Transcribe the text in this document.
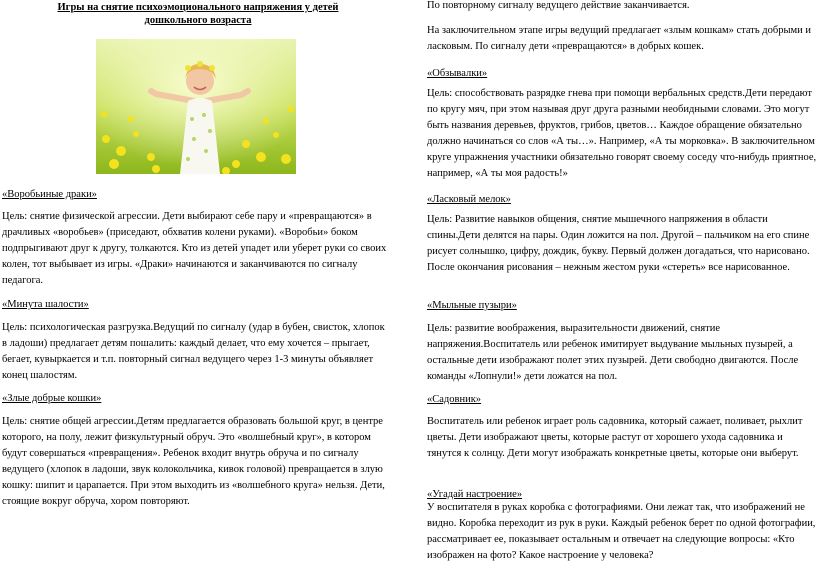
Игры на снятие психоэмоционального напряжения у детей дошкольного возраста
«Воробьиные драки»
Цель: снятие физической агрессии. Дети выбирают себе пару и «превращаются» в драчливых «воробьев» (приседают, обхватив колени руками). «Воробьи» боком подпрыгивают друг к другу, толкаются. Кто из детей упадет или уберет руки со своих колен, тот выбывает из игры. «Драки» начинаются и заканчиваются по сигналу педагога.
«Минута шалости»
Цель: психологическая разгрузка.Ведущий по сигналу (удар в бубен, свисток, хлопок в ладоши) предлагает детям пошалить: каждый делает, что ему хочется – прыгает, бегает, кувыркается и т.п. повторный сигнал ведущего через 1-3 минуты объявляет конец шалостям.
«Злые добрые кошки»
Цель: снятие общей агрессии.Детям предлагается образовать большой круг, в центре которого, на полу, лежит физкультурный обруч. Это «волшебный круг», в котором будут совершаться «превращения». Ребенок входит внутрь обруча и по сигналу ведущего (хлопок в ладоши, звук колокольчика, кивок головой) превращается в злую кошку: шипит и царапается. При этом выходить из «волшебного круга» нельзя. Дети, стоящие вокруг обруча, хором повторяют.
По повторному сигналу ведущего действие заканчивается.
На заключительном этапе игры ведущий предлагает «злым кошкам» стать добрыми и ласковым. По сигналу дети «превращаются» в добрых кошек.
«Обзывалки»
Цель: способствовать разрядке гнева при помощи вербальных средств.Дети передают по кругу мяч, при этом называя друг друга разными необидными словами. Это могут быть названия деревьев, фруктов, грибов, цветов… Каждое обращение обязательно должно начинаться со слов «А ты…». Например, «А ты морковка». В заключительном круге упражнения участники обязательно говорят своему соседу что-нибудь приятное, например, «А ты моя радость!»
«Ласковый мелок»
Цель: Развитие навыков общения, снятие мышечного напряжения в области спины.Дети делятся на пары. Один ложится на пол. Другой – пальчиком на его спине рисует солнышко, цифру, дождик, букву. Первый должен догадаться, что нарисовано. После окончания рисования – нежным жестом руки «стереть» все нарисованное.
«Мыльные пузыри»
Цель: развитие воображения, выразительности движений, снятие напряжения.Воспитатель или ребенок имитирует выдувание мыльных пузырей, а остальные дети изображают полет этих пузырей. Дети свободно двигаются. После команды «Лопнули!» дети ложатся на пол.
«Садовник»
Воспитатель или ребенок играет роль садовника, который сажает, поливает, рыхлит цветы. Дети изображают цветы, которые растут от хорошего ухода садовника и тянутся к солнцу. Дети могут изображать конкретные цветы, которые они выберут.
«Угадай настроение»
У воспитателя в руках коробка с фотографиями. Они лежат так, что изображений не видно. Коробка переходит из рук в руки. Каждый ребенок берет по одной фотографии, рассматривает ее, показывает остальным и отвечает на следующие вопросы: «Кто изображен на фото? Какое настроение у человека?
